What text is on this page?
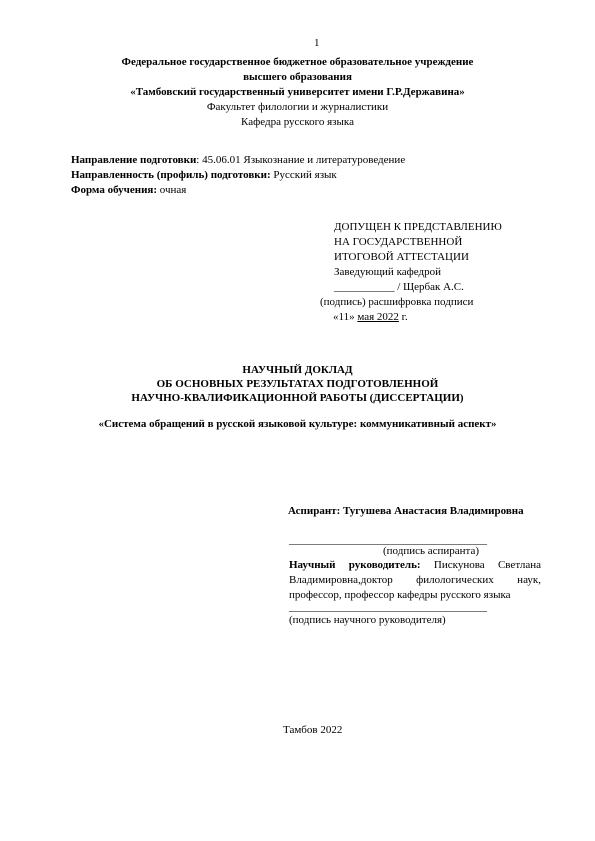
1
Федеральное государственное бюджетное образовательное учреждение
высшего образования
«Тамбовский государственный университет имени Г.Р.Державина»
Факультет филологии и журналистики
Кафедра русского языка
Направление подготовки: 45.06.01 Языкознание и литературоведение
Направленность (профиль) подготовки: Русский язык
Форма обучения: очная
ДОПУЩЕН К ПРЕДСТАВЛЕНИЮ
НА ГОСУДАРСТВЕННОЙ
ИТОГОВОЙ АТТЕСТАЦИИ
Заведующий кафедрой
___________ / Щербак А.С.
(подпись) расшифровка подписи
«11» мая 2022 г.
НАУЧНЫЙ ДОКЛАД
ОБ ОСНОВНЫХ РЕЗУЛЬТАТАХ ПОДГОТОВЛЕННОЙ
НАУЧНО-КВАЛИФИКАЦИОННОЙ РАБОТЫ (ДИССЕРТАЦИИ)
«Система обращений в русской языковой культуре: коммуникативный аспект»
Аспирант: Тугушева Анастасия Владимировна
____________________________________
(подпись аспиранта)
Научный руководитель: Пискунова Светлана
Владимировна,доктор филологических наук,
профессор, профессор кафедры русского языка
____________________________________
(подпись научного руководителя)
Тамбов 2022
